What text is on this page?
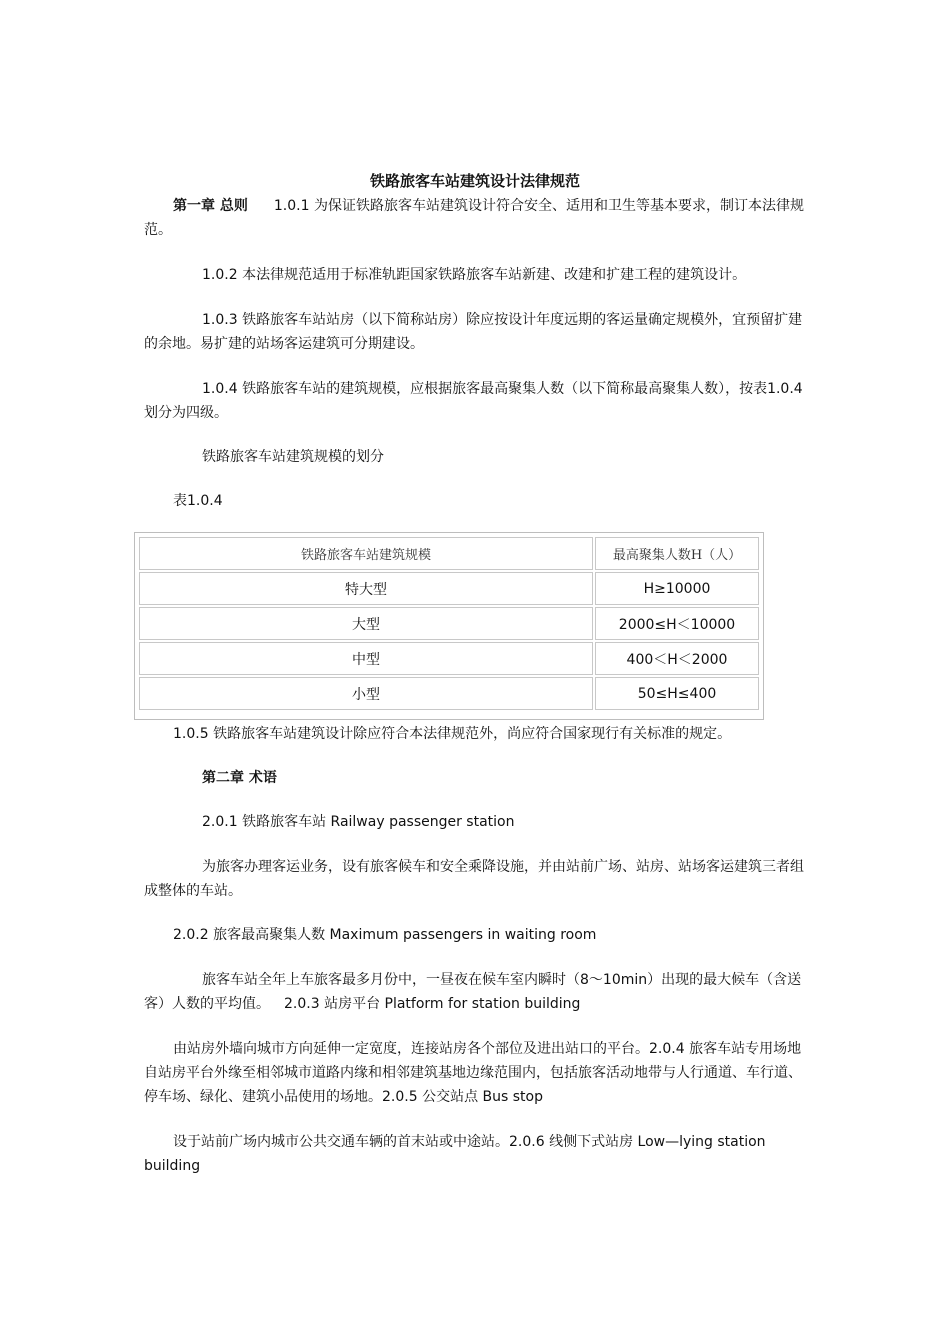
铁路旅客车站建筑设计法律规范

第一章 总则 1.0.1 为保证铁路旅客车站建筑设计符合安全、适用和卫生等基本要求，制订本法律规范。

1.0.2 本法律规范适用于标准轨距国家铁路旅客车站新建、改建和扩建工程的建筑设计。

1.0.3 铁路旅客车站站房（以下简称站房）除应按设计年度远期的客运量确定规模外，宜预留扩建的余地。易扩建的站场客运建筑可分期建设。

1.0.4 铁路旅客车站的建筑规模，应根据旅客最高聚集人数（以下简称最高聚集人数），按表1.0.4划分为四级。

铁路旅客车站建筑规模的划分

表1.0.4

铁路旅客车站建筑规模	最高聚集人数H（人）
特大型	H≥10000
大型	2000≤H＜10000
中型	400＜H＜2000
小型	50≤H≤400

1.0.5 铁路旅客车站建筑设计除应符合本法律规范外，尚应符合国家现行有关标准的规定。

第二章 术语

2.0.1 铁路旅客车站 Railway passenger station

为旅客办理客运业务，设有旅客候车和安全乘降设施，并由站前广场、站房、站场客运建筑三者组成整体的车站。

2.0.2 旅客最高聚集人数 Maximum passengers in waiting room

旅客车站全年上车旅客最多月份中，一昼夜在候车室内瞬时（8～10min）出现的最大候车（含送客）人数的平均值。 2.0.3 站房平台 Platform for station building

由站房外墙向城市方向延伸一定宽度，连接站房各个部位及进出站口的平台。2.0.4 旅客车站专用场地自站房平台外缘至相邻城市道路内缘和相邻建筑基地边缘范围内，包括旅客活动地带与人行通道、车行道、停车场、绿化、建筑小品使用的场地。2.0.5 公交站点 Bus stop

设于站前广场内城市公共交通车辆的首末站或中途站。2.0.6 线侧下式站房 Low—lying station building
